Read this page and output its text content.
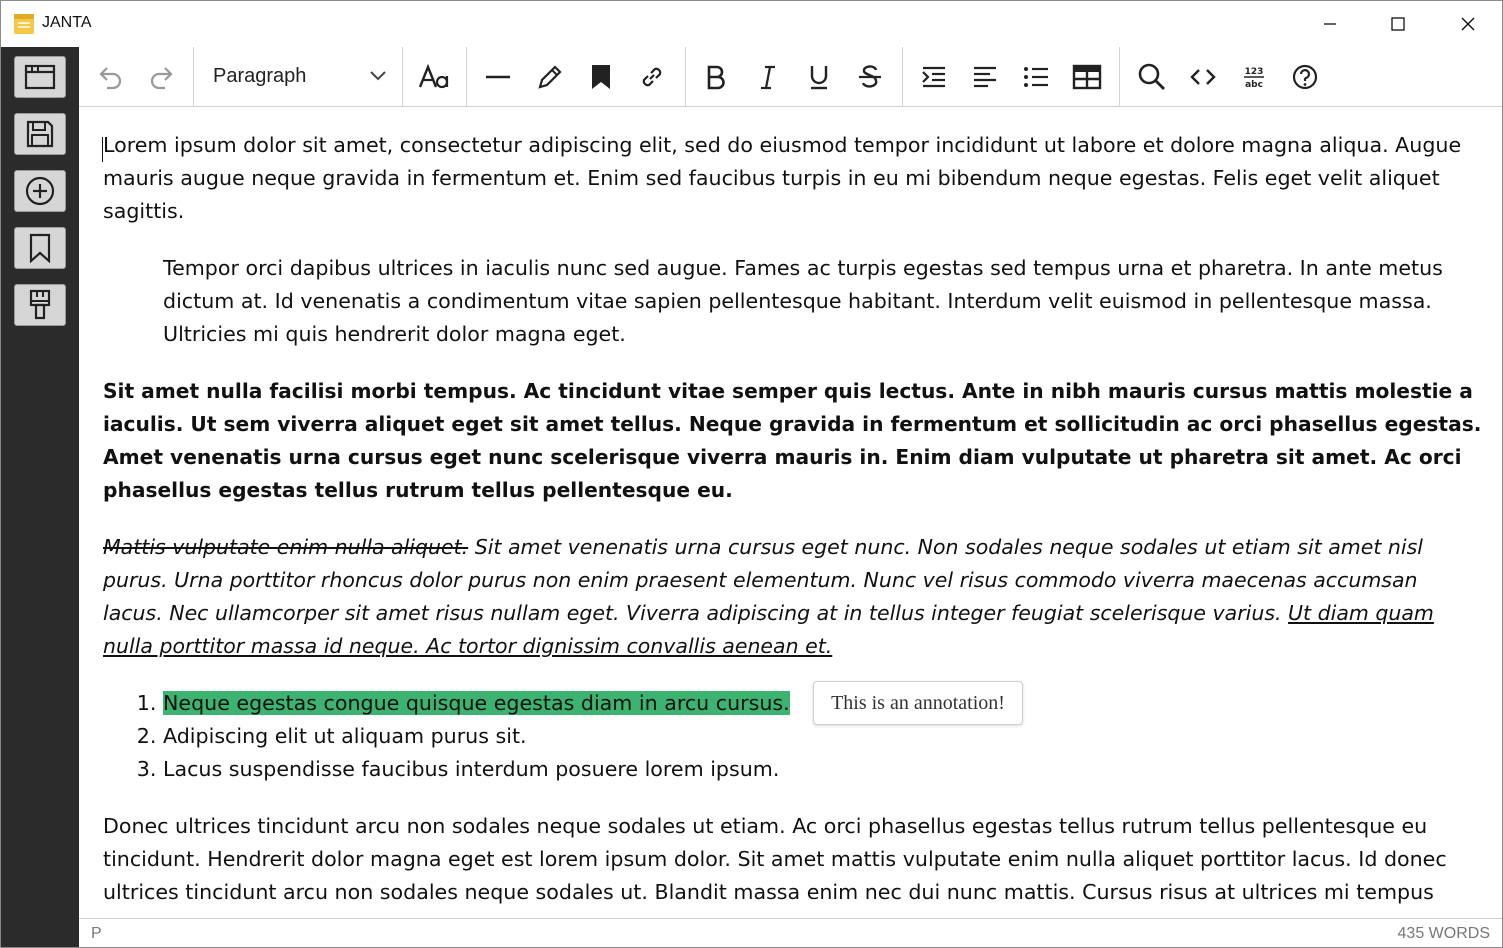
JANTA
Paragraph	123
abc

Lorem ipsum dolor sit amet, consectetur adipiscing elit, sed do eiusmod tempor incididunt ut labore et dolore magna aliqua. Augue mauris augue neque gravida in fermentum et. Enim sed faucibus turpis in eu mi bibendum neque egestas. Felis eget velit aliquet sagittis.

Tempor orci dapibus ultrices in iaculis nunc sed augue. Fames ac turpis egestas sed tempus urna et pharetra. In ante metus dictum at. Id venenatis a condimentum vitae sapien pellentesque habitant. Interdum velit euismod in pellentesque massa. Ultricies mi quis hendrerit dolor magna eget.

Sit amet nulla facilisi morbi tempus. Ac tincidunt vitae semper quis lectus. Ante in nibh mauris cursus mattis molestie a iaculis. Ut sem viverra aliquet eget sit amet tellus. Neque gravida in fermentum et sollicitudin ac orci phasellus egestas. Amet venenatis urna cursus eget nunc scelerisque viverra mauris in. Enim diam vulputate ut pharetra sit amet. Ac orci phasellus egestas tellus rutrum tellus pellentesque eu.

Mattis vulputate enim nulla aliquet. Sit amet venenatis urna cursus eget nunc. Non sodales neque sodales ut etiam sit amet nisl purus. Urna porttitor rhoncus dolor purus non enim praesent elementum. Nunc vel risus commodo viverra maecenas accumsan lacus. Nec ullamcorper sit amet risus nullam eget. Viverra adipiscing at in tellus integer feugiat scelerisque varius. Ut diam quam nulla porttitor massa id neque. Ac tortor dignissim convallis aenean et.

1. Neque egestas congue quisque egestas diam in arcu cursus.
2. Adipiscing elit ut aliquam purus sit.
3. Lacus suspendisse faucibus interdum posuere lorem ipsum.

Donec ultrices tincidunt arcu non sodales neque sodales ut etiam. Ac orci phasellus egestas tellus rutrum tellus pellentesque eu tincidunt. Hendrerit dolor magna eget est lorem ipsum dolor. Sit amet mattis vulputate enim nulla aliquet porttitor lacus. Id donec ultrices tincidunt arcu non sodales neque sodales ut. Blandit massa enim nec dui nunc mattis. Cursus risus at ultrices mi tempus

This is an annotation!
P	435 WORDS
